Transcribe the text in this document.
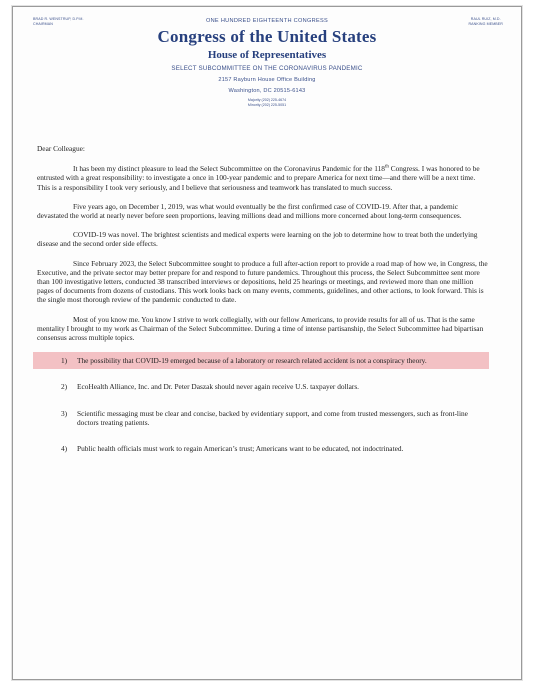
BRAD R. WENSTRUP, D.P.M.
CHAIRMAN
RAUL RUIZ, M.D.
RANKING MEMBER
ONE HUNDRED EIGHTEENTH CONGRESS
Congress of the United States
House of Representatives
SELECT SUBCOMMITTEE ON THE CORONAVIRUS PANDEMIC
2157 Rayburn House Office Building
Washington, DC 20515-6143
Majority (202) 225-4674
Minority (202) 225-5051
Dear Colleague:

It has been my distinct pleasure to lead the Select Subcommittee on the Coronavirus Pandemic for the 118th Congress. I was honored to be entrusted with a great responsibility: to investigate a once in 100-year pandemic and to prepare America for next time—and there will be a next time. This is a responsibility I took very seriously, and I believe that seriousness and teamwork has translated to much success.

Five years ago, on December 1, 2019, was what would eventually be the first confirmed case of COVID-19. After that, a pandemic devastated the world at nearly never before seen proportions, leaving millions dead and millions more concerned about long-term consequences.

COVID-19 was novel. The brightest scientists and medical experts were learning on the job to determine how to treat both the underlying disease and the second order side effects.

Since February 2023, the Select Subcommittee sought to produce a full after-action report to provide a road map of how we, in Congress, the Executive, and the private sector may better prepare for and respond to future pandemics. Throughout this process, the Select Subcommittee sent more than 100 investigative letters, conducted 38 transcribed interviews or depositions, held 25 hearings or meetings, and reviewed more than one million pages of documents from dozens of custodians. This work looks back on many events, comments, guidelines, and other actions, to look forward. This is the single most thorough review of the pandemic conducted to date.

Most of you know me. You know I strive to work collegially, with our fellow Americans, to provide results for all of us. That is the same mentality I brought to my work as Chairman of the Select Subcommittee. During a time of intense partisanship, the Select Subcommittee had bipartisan consensus across multiple topics.

1)	The possibility that COVID-19 emerged because of a laboratory or research related accident is not a conspiracy theory.
2)	EcoHealth Alliance, Inc. and Dr. Peter Daszak should never again receive U.S. taxpayer dollars.
3)	Scientific messaging must be clear and concise, backed by evidentiary support, and come from trusted messengers, such as front-line doctors treating patients.
4)	Public health officials must work to regain American’s trust; Americans want to be educated, not indoctrinated.
